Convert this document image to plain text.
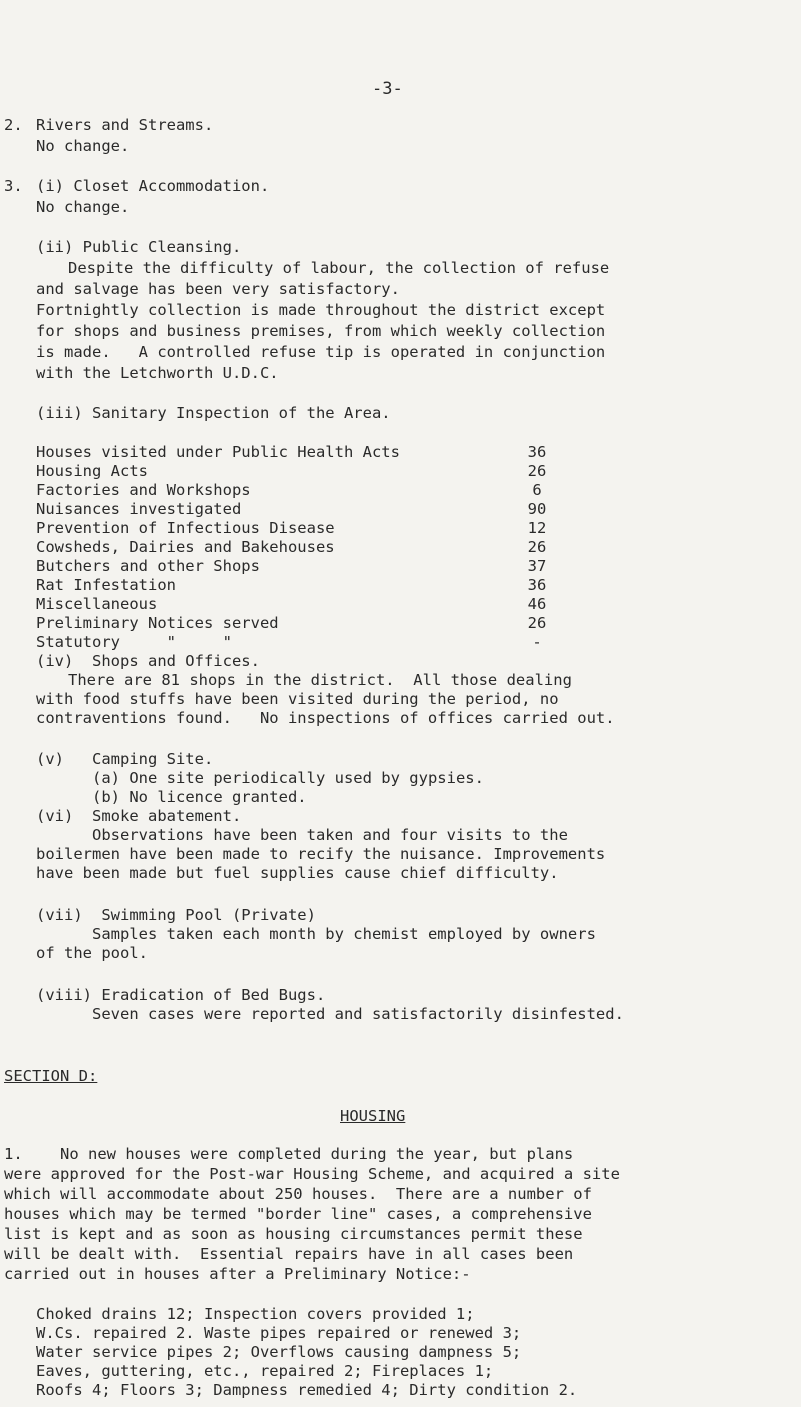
-3-
2. Rivers and Streams.
No change.
3. (i) Closet Accommodation.
No change.
(ii) Public Cleansing.
Despite the difficulty of labour, the collection of refuse
and salvage has been very satisfactory.
Fortnightly collection is made throughout the district except
for shops and business premises, from which weekly collection
is made.   A controlled refuse tip is operated in conjunction
with the Letchworth U.D.C.
(iii) Sanitary Inspection of the Area.
Houses visited under Public Health Acts	36
Housing Acts	26
Factories and Workshops	6
Nuisances investigated	90
Prevention of Infectious Disease	12
Cowsheds, Dairies and Bakehouses	26
Butchers and other Shops	37
Rat Infestation	36
Miscellaneous	46
Preliminary Notices served	26
Statutory     "     "	-
(iv)  Shops and Offices.
There are 81 shops in the district.  All those dealing
with food stuffs have been visited during the period, no
contraventions found.   No inspections of offices carried out.
(v)   Camping Site.
(a) One site periodically used by gypsies.
(b) No licence granted.
(vi)  Smoke abatement.
Observations have been taken and four visits to the
boilermen have been made to recify the nuisance. Improvements
have been made but fuel supplies cause chief difficulty.
(vii)  Swimming Pool (Private)
Samples taken each month by chemist employed by owners
of the pool.
(viii) Eradication of Bed Bugs.
Seven cases were reported and satisfactorily disinfested.
SECTION D:
HOUSING
1.    No new houses were completed during the year, but plans
were approved for the Post-war Housing Scheme, and acquired a site
which will accommodate about 250 houses.  There are a number of
houses which may be termed "border line" cases, a comprehensive
list is kept and as soon as housing circumstances permit these
will be dealt with.  Essential repairs have in all cases been
carried out in houses after a Preliminary Notice:-
Choked drains 12; Inspection covers provided 1;
W.Cs. repaired 2. Waste pipes repaired or renewed 3;
Water service pipes 2; Overflows causing dampness 5;
Eaves, guttering, etc., repaired 2; Fireplaces 1;
Roofs 4; Floors 3; Dampness remedied 4; Dirty condition 2.
